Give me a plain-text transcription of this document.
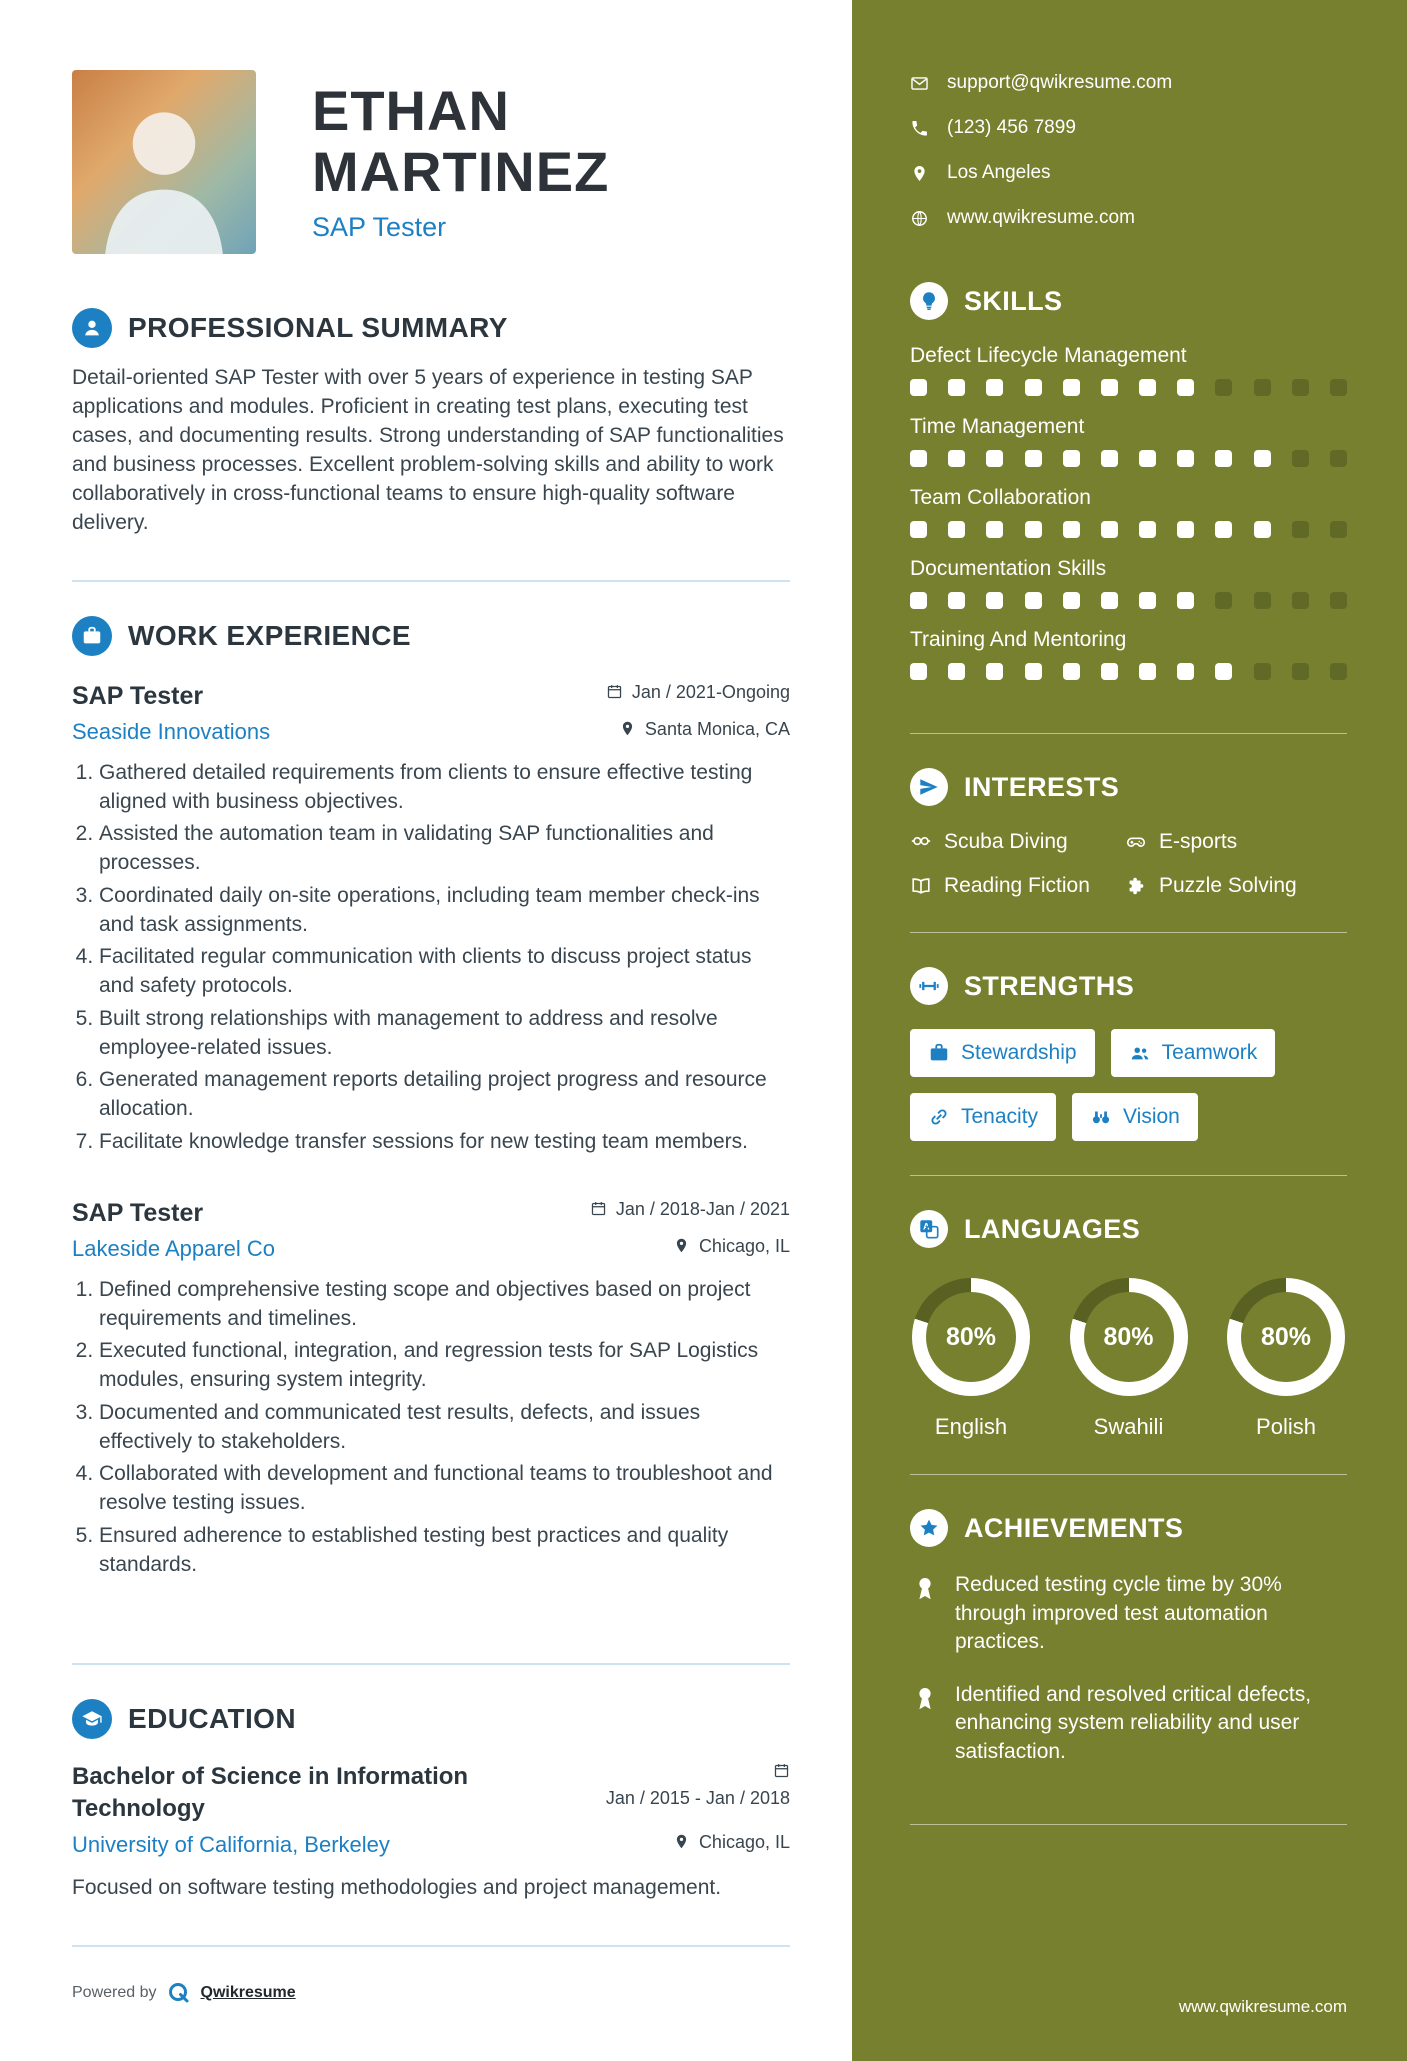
ETHAN MARTINEZ
SAP Tester
PROFESSIONAL SUMMARY

Detail-oriented SAP Tester with over 5 years of experience in testing SAP applications and modules. Proficient in creating test plans, executing test cases, and documenting results. Strong understanding of SAP functionalities and business processes. Excellent problem-solving skills and ability to work collaboratively in cross-functional teams to ensure high-quality software delivery.

WORK EXPERIENCE
SAP Tester	Jan / 2021-Ongoing
Seaside Innovations	Santa Monica, CA
1. Gathered detailed requirements from clients to ensure effective testing aligned with business objectives.
2. Assisted the automation team in validating SAP functionalities and processes.
3. Coordinated daily on-site operations, including team member check-ins and task assignments.
4. Facilitated regular communication with clients to discuss project status and safety protocols.
5. Built strong relationships with management to address and resolve employee-related issues.
6. Generated management reports detailing project progress and resource allocation.
7. Facilitate knowledge transfer sessions for new testing team members.
SAP Tester	Jan / 2018-Jan / 2021
Lakeside Apparel Co	Chicago, IL
1. Defined comprehensive testing scope and objectives based on project requirements and timelines.
2. Executed functional, integration, and regression tests for SAP Logistics modules, ensuring system integrity.
3. Documented and communicated test results, defects, and issues effectively to stakeholders.
4. Collaborated with development and functional teams to troubleshoot and resolve testing issues.
5. Ensured adherence to established testing best practices and quality standards.
EDUCATION
Bachelor of Science in Information Technology	Jan / 2015 - Jan / 2018
University of California, Berkeley	Chicago, IL

Focused on software testing methodologies and project management.

Powered by	Qwikresume
support@qwikresume.com
(123) 456 7899
Los Angeles
www.qwikresume.com
SKILLS
Defect Lifecycle Management
Time Management
Team Collaboration
Documentation Skills
Training And Mentoring
INTERESTS
Scuba Diving	E-sports
Reading Fiction	Puzzle Solving
STRENGTHS
Stewardship	Teamwork
Tenacity	Vision
A LANGUAGES
80%
English
80%
Swahili
80%
Polish
ACHIEVEMENTS

Reduced testing cycle time by 30% through improved test automation practices.

Identified and resolved critical defects, enhancing system reliability and user satisfaction.

www.qwikresume.com
